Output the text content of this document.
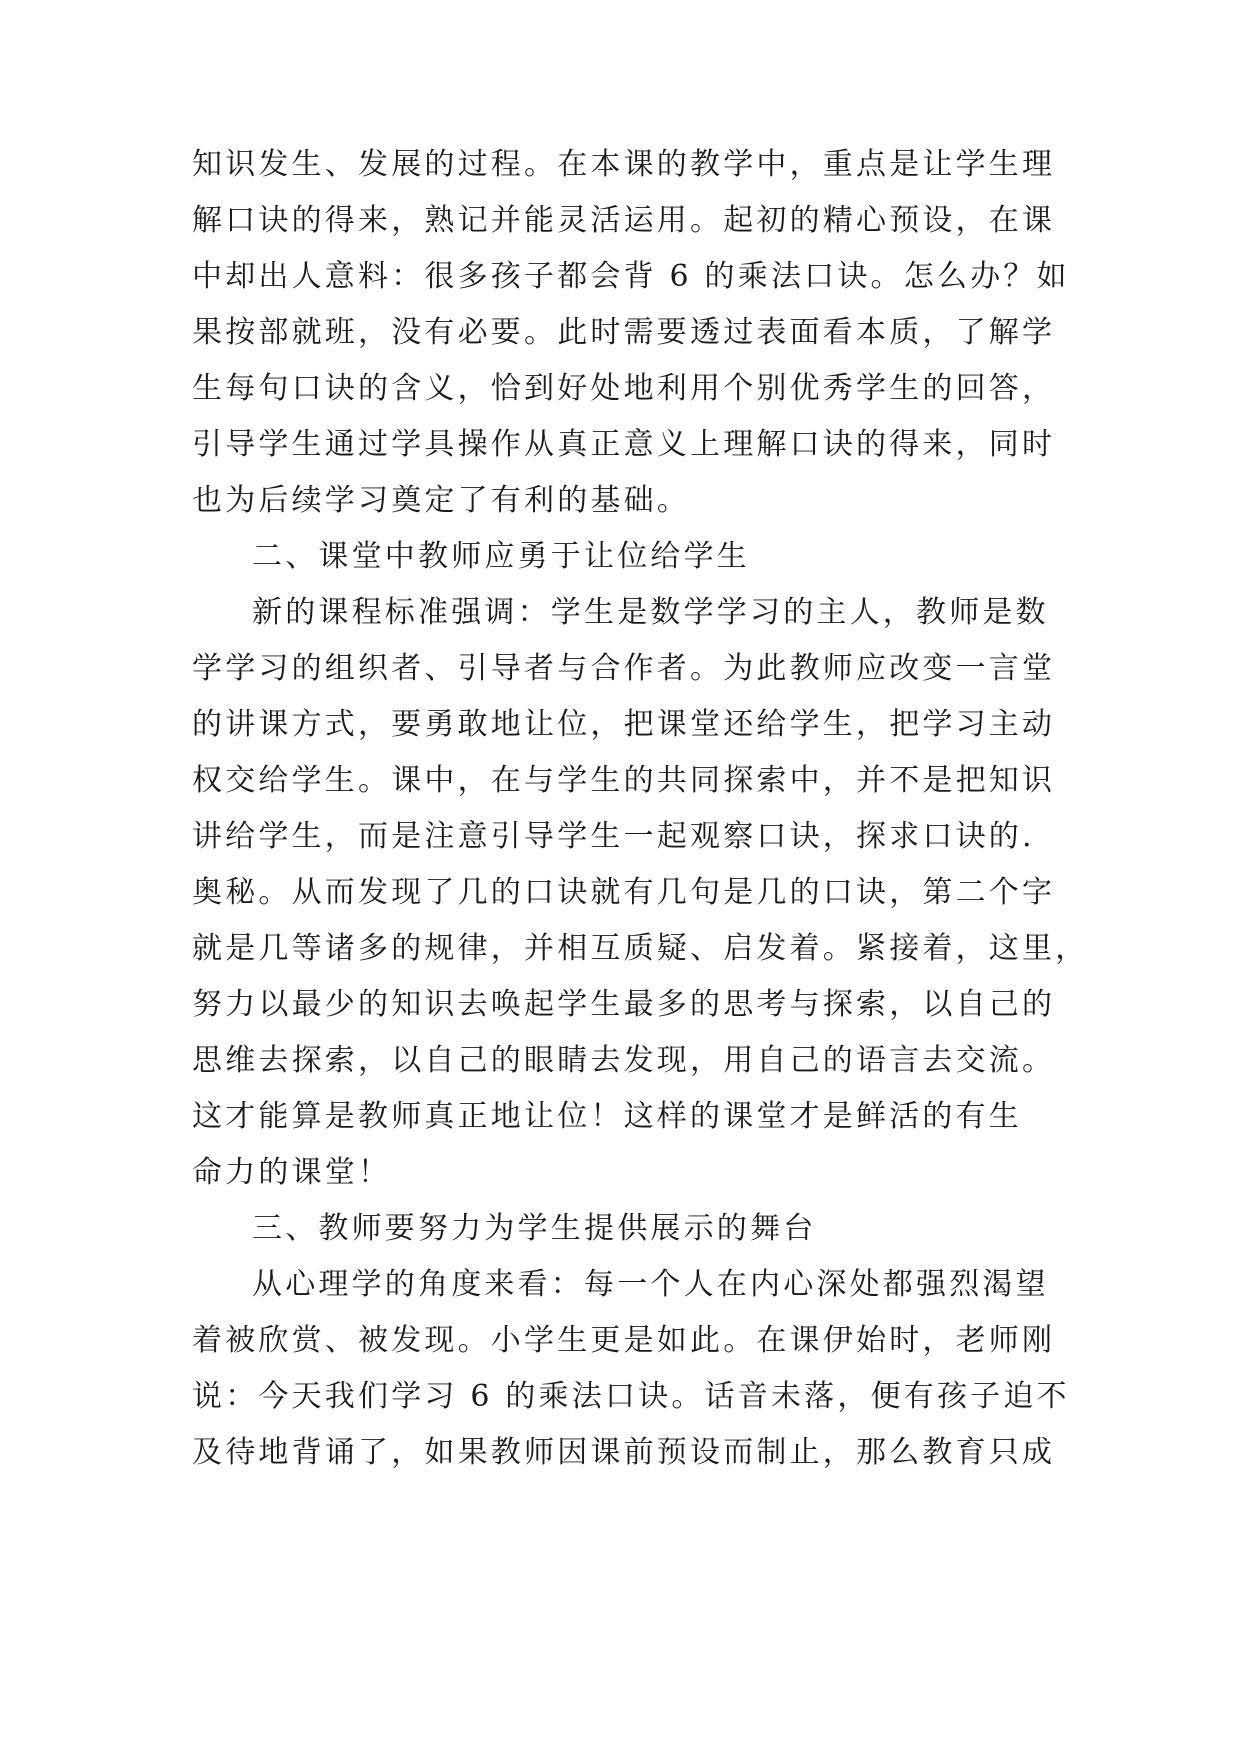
知识发生、发展的过程。在本课的教学中，重点是让学生理
解口诀的得来，熟记并能灵活运用。起初的精心预设，在课
中却出人意料：很多孩子都会背 6 的乘法口诀。怎么办？如
果按部就班，没有必要。此时需要透过表面看本质，了解学
生每句口诀的含义，恰到好处地利用个别优秀学生的回答，
引导学生通过学具操作从真正意义上理解口诀的得来，同时
也为后续学习奠定了有利的基础。
二、课堂中教师应勇于让位给学生
新的课程标准强调：学生是数学学习的主人，教师是数
学学习的组织者、引导者与合作者。为此教师应改变一言堂
的讲课方式，要勇敢地让位，把课堂还给学生，把学习主动
权交给学生。课中，在与学生的共同探索中，并不是把知识
讲给学生，而是注意引导学生一起观察口诀，探求口诀的.
奥秘。从而发现了几的口诀就有几句是几的口诀，第二个字
就是几等诸多的规律，并相互质疑、启发着。紧接着，这里，
努力以最少的知识去唤起学生最多的思考与探索，以自己的
思维去探索，以自己的眼睛去发现，用自己的语言去交流。
这才能算是教师真正地让位！这样的课堂才是鲜活的有生
命力的课堂！
三、教师要努力为学生提供展示的舞台
从心理学的角度来看：每一个人在内心深处都强烈渴望
着被欣赏、被发现。小学生更是如此。在课伊始时，老师刚
说：今天我们学习 6 的乘法口诀。话音未落，便有孩子迫不
及待地背诵了，如果教师因课前预设而制止，那么教育只成
